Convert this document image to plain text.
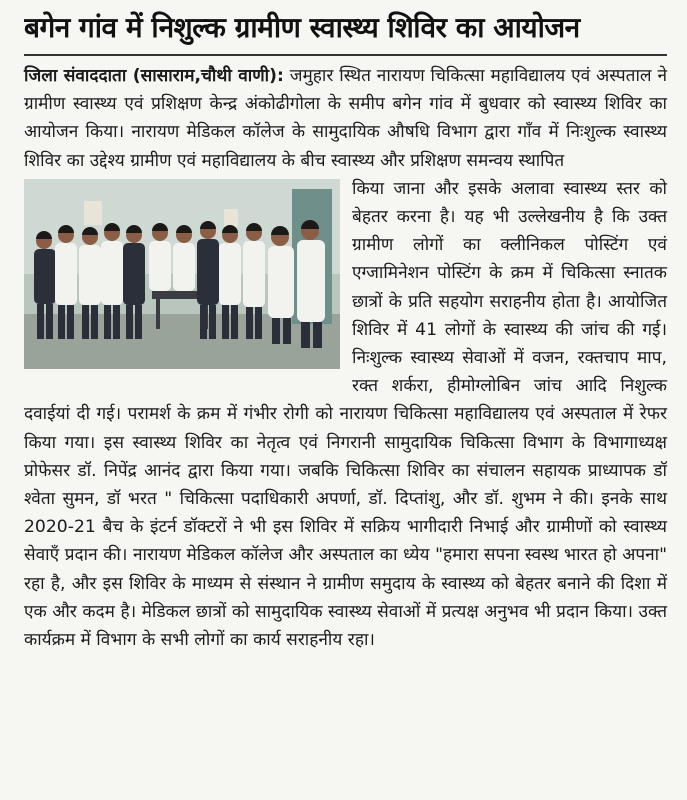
बगेन गांव में निशुल्क ग्रामीण स्वास्थ्य शिविर का आयोजन

जिला संवाददाता (सासाराम,चौथी वाणी): जमुहार स्थित नारायण चिकित्सा महाविद्यालय एवं अस्पताल ने ग्रामीण स्वास्थ्य एवं प्रशिक्षण केन्द्र अंकोढीगोला के समीप बगेन गांव में बुधवार को स्वास्थ्य शिविर का आयोजन किया। नारायण मेडिकल कॉलेज के सामुदायिक औषधि विभाग द्वारा गाँव में निःशुल्क स्वास्थ्य शिविर का उद्देश्य ग्रामीण एवं महाविद्यालय के बीच स्वास्थ्य और प्रशिक्षण समन्वय स्थापित

किया जाना और इसके अलावा स्वास्थ्य स्तर को बेहतर करना है। यह भी उल्लेखनीय है कि उक्त ग्रामीण लोगों का क्लीनिकल पोस्टिंग एवं एग्जामिनेशन पोस्टिंग के क्रम में चिकित्सा स्नातक छात्रों के प्रति सहयोग सराहनीय होता है। आयोजित शिविर में 41 लोगों के स्वास्थ्य की जांच की गई। निःशुल्क स्वास्थ्य सेवाओं में वजन, रक्तचाप माप, रक्त शर्करा, हीमोग्लोबिन जांच आदि निशुल्क दवाईयां दी गई। परामर्श के क्रम में गंभीर रोगी को नारायण चिकित्सा महाविद्यालय एवं अस्पताल में रेफर किया गया। इस स्वास्थ्य शिविर का नेतृत्व एवं निगरानी सामुदायिक चिकित्सा विभाग के विभागाध्यक्ष प्रोफेसर डॉ. निपेंद्र आनंद द्वारा किया गया। जबकि चिकित्सा शिविर का संचालन सहायक प्राध्यापक डॉ श्वेता सुमन, डॉ भरत " चिकित्सा पदाधिकारी अपर्णा, डॉ. दिप्तांशु, और डॉ. शुभम ने की। इनके साथ 2020-21 बैच के इंटर्न डॉक्टरों ने भी इस शिविर में सक्रिय भागीदारी निभाई और ग्रामीणों को स्वास्थ्य सेवाएँ प्रदान की। नारायण मेडिकल कॉलेज और अस्पताल का ध्येय "हमारा सपना स्वस्थ भारत हो अपना" रहा है, और इस शिविर के माध्यम से संस्थान ने ग्रामीण समुदाय के स्वास्थ्य को बेहतर बनाने की दिशा में एक और कदम है। मेडिकल छात्रों को सामुदायिक स्वास्थ्य सेवाओं में प्रत्यक्ष अनुभव भी प्रदान किया। उक्त कार्यक्रम में विभाग के सभी लोगों का कार्य सराहनीय रहा।
